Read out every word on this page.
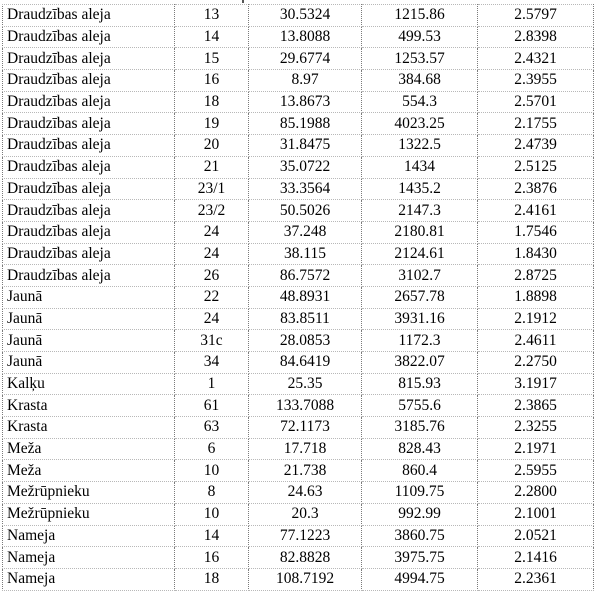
Draudzības aleja	13	30.5324	1215.86	2.5797
Draudzības aleja	14	13.8088	499.53	2.8398
Draudzības aleja	15	29.6774	1253.57	2.4321
Draudzības aleja	16	8.97	384.68	2.3955
Draudzības aleja	18	13.8673	554.3	2.5701
Draudzības aleja	19	85.1988	4023.25	2.1755
Draudzības aleja	20	31.8475	1322.5	2.4739
Draudzības aleja	21	35.0722	1434	2.5125
Draudzības aleja	23/1	33.3564	1435.2	2.3876
Draudzības aleja	23/2	50.5026	2147.3	2.4161
Draudzības aleja	24	37.248	2180.81	1.7546
Draudzības aleja	24	38.115	2124.61	1.8430
Draudzības aleja	26	86.7572	3102.7	2.8725
Jaunā	22	48.8931	2657.78	1.8898
Jaunā	24	83.8511	3931.16	2.1912
Jaunā	31c	28.0853	1172.3	2.4611
Jaunā	34	84.6419	3822.07	2.2750
Kalķu	1	25.35	815.93	3.1917
Krasta	61	133.7088	5755.6	2.3865
Krasta	63	72.1173	3185.76	2.3255
Meža	6	17.718	828.43	2.1971
Meža	10	21.738	860.4	2.5955
Mežrūpnieku	8	24.63	1109.75	2.2800
Mežrūpnieku	10	20.3	992.99	2.1001
Nameja	14	77.1223	3860.75	2.0521
Nameja	16	82.8828	3975.75	2.1416
Nameja	18	108.7192	4994.75	2.2361
